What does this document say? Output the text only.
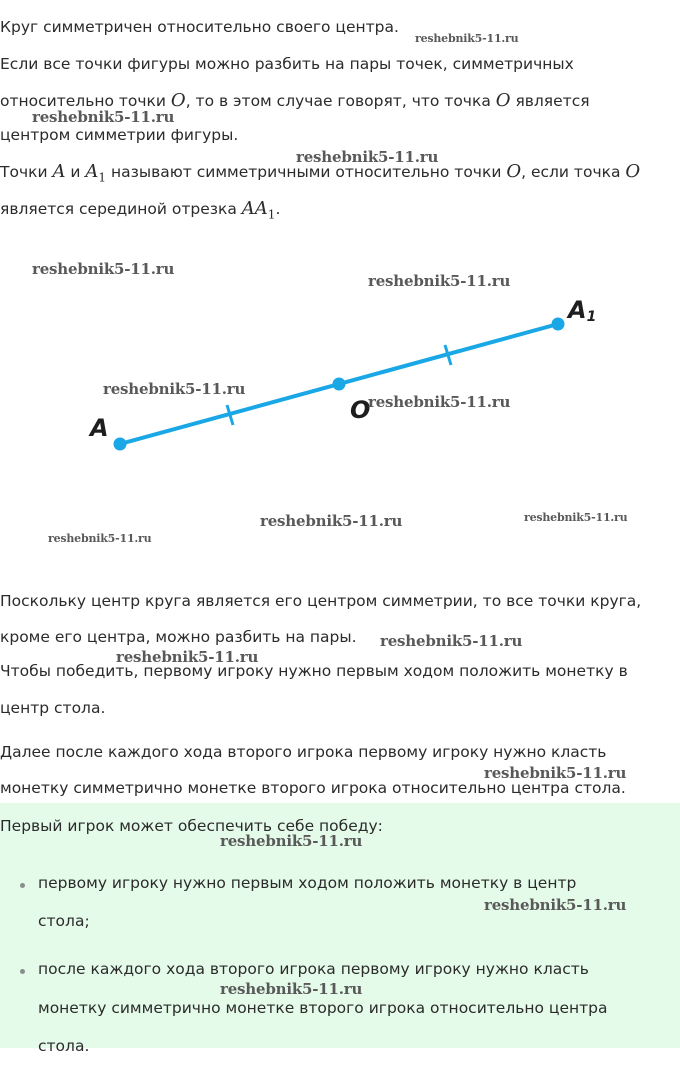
Круг симметричен относительно своего центра.
Если все точки фигуры можно разбить на пары точек, симметричных
относительно точки O, то в этом случае говорят, что точка O является
центром симметрии фигуры.
Точки A и $A_1$ называют симметричными относительно точки O, если точка O
является серединой отрезка $AA_1$.
A
O
A1
Поскольку центр круга является его центром симметрии, то все точки круга,
кроме его центра, можно разбить на пары.
Чтобы победить, первому игроку нужно первым ходом положить монетку в
центр стола.
Далее после каждого хода второго игрока первому игроку нужно класть
монетку симметрично монетке второго игрока относительно центра стола.
Первый игрок может обеспечить себе победу:
первому игроку нужно первым ходом положить монетку в центр
стола;
после каждого хода второго игрока первому игроку нужно класть
монетку симметрично монетке второго игрока относительно центра
стола.
reshebnik5-11.ru
reshebnik5-11.ru
reshebnik5-11.ru
reshebnik5-11.ru
reshebnik5-11.ru
reshebnik5-11.ru
reshebnik5-11.ru
reshebnik5-11.ru	reshebnik5-11.ru
reshebnik5-11.ru
reshebnik5-11.ru
reshebnik5-11.ru
reshebnik5-11.ru
reshebnik5-11.ru
reshebnik5-11.ru
reshebnik5-11.ru
